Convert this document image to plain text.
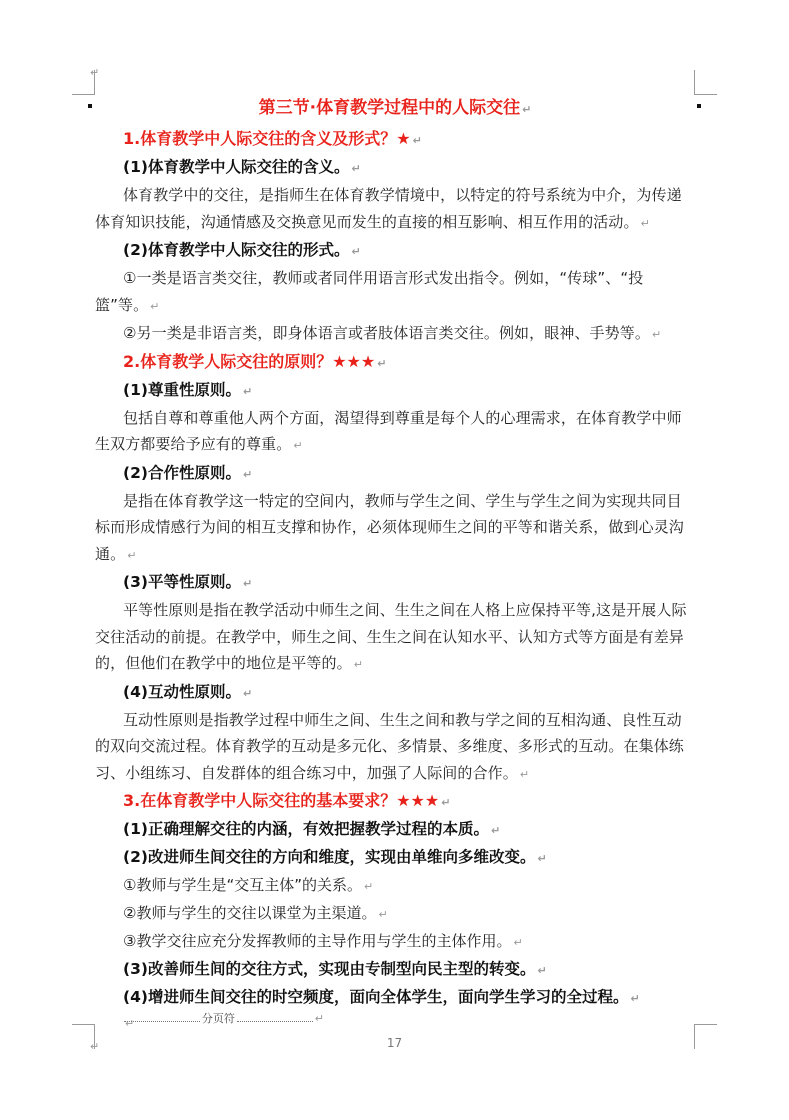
↵
↵
第三节·体育教学过程中的人际交往 ↵
1.体育教学中人际交往的含义及形式？★ ↵
(1)体育教学中人际交往的含义。 ↵
体育教学中的交往，是指师生在体育教学情境中，以特定的符号系统为中介，为传递体育知识技能，沟通情感及交换意见而发生的直接的相互影响、相互作用的活动。 ↵
(2)体育教学中人际交往的形式。 ↵
①一类是语言类交往，教师或者同伴用语言形式发出指令。例如，“传球”、“投篮”等。 ↵
②另一类是非语言类，即身体语言或者肢体语言类交往。例如，眼神、手势等。 ↵
2.体育教学人际交往的原则？★★★ ↵
(1)尊重性原则。 ↵
包括自尊和尊重他人两个方面，渴望得到尊重是每个人的心理需求，在体育教学中师生双方都要给予应有的尊重。 ↵
(2)合作性原则。 ↵
是指在体育教学这一特定的空间内，教师与学生之间、学生与学生之间为实现共同目标而形成情感行为间的相互支撑和协作，必须体现师生之间的平等和谐关系，做到心灵沟通。 ↵
(3)平等性原则。 ↵
平等性原则是指在教学活动中师生之间、生生之间在人格上应保持平等,这是开展人际交往活动的前提。在教学中，师生之间、生生之间在认知水平、认知方式等方面是有差异的，但他们在教学中的地位是平等的。 ↵
(4)互动性原则。 ↵
互动性原则是指教学过程中师生之间、生生之间和教与学之间的互相沟通、良性互动的双向交流过程。体育教学的互动是多元化、多情景、多维度、多形式的互动。在集体练习、小组练习、自发群体的组合练习中，加强了人际间的合作。 ↵
3.在体育教学中人际交往的基本要求？★★★ ↵
(1)正确理解交往的内涵，有效把握教学过程的本质。 ↵
(2)改进师生间交往的方向和维度，实现由单维向多维改变。 ↵
①教师与学生是“交互主体”的关系。 ↵
②教师与学生的交往以课堂为主渠道。 ↵
③教学交往应充分发挥教师的主导作用与学生的主体作用。 ↵
(3)改善师生间的交往方式，实现由专制型向民主型的转变。 ↵
(4)增进师生间交往的时空频度，面向全体学生，面向学生学习的全过程。 ↵
↵	分页符	↵
17
